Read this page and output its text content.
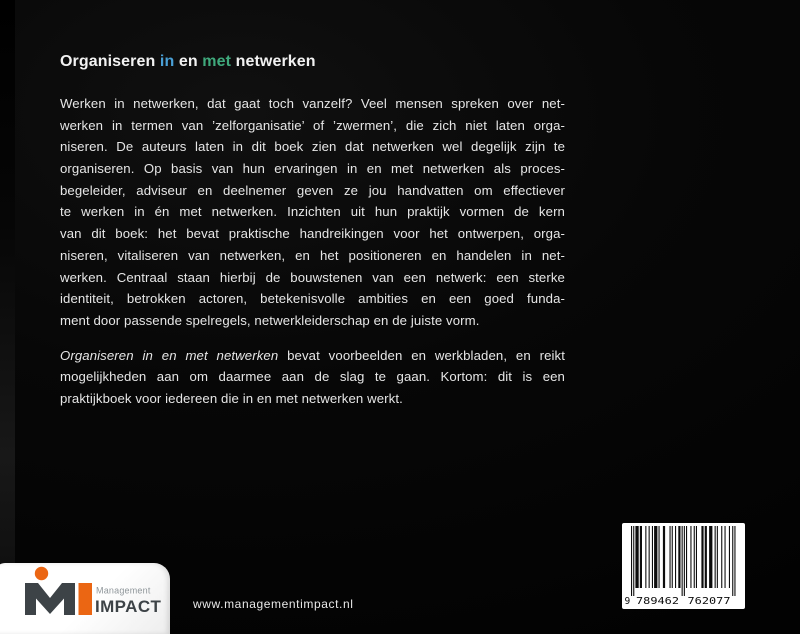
Organiseren in en met netwerken
Werken in netwerken, dat gaat toch vanzelf? Veel mensen spreken over net-
werken in termen van ’zelforganisatie’ of ’zwermen’, die zich niet laten orga-
niseren. De auteurs laten in dit boek zien dat netwerken wel degelijk zijn te
organiseren. Op basis van hun ervaringen in en met netwerken als proces-
begeleider, adviseur en deelnemer geven ze jou handvatten om effectiever
te werken in én met netwerken. Inzichten uit hun praktijk vormen de kern
van dit boek: het bevat praktische handreikingen voor het ontwerpen, orga-
niseren, vitaliseren van netwerken, en het positioneren en handelen in net-
werken. Centraal staan hierbij de bouwstenen van een netwerk: een sterke
identiteit, betrokken actoren, betekenisvolle ambities en een goed funda-
ment door passende spelregels, netwerkleiderschap en de juiste vorm.
Organiseren in en met netwerken bevat voorbeelden en werkbladen, en reikt
mogelijkheden aan om daarmee aan de slag te gaan. Kortom: dit is een
praktijkboek voor iedereen die in en met netwerken werkt.
Management
IMPACT	www.managementimpact.nl	9 789462 762077
